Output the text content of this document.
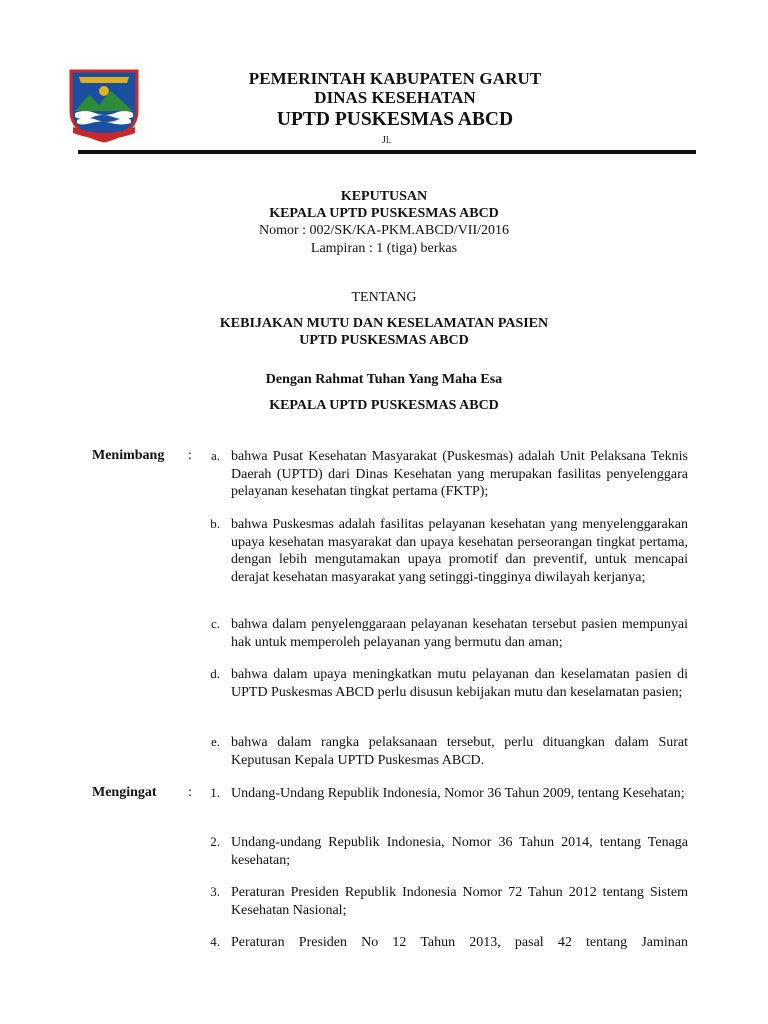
PEMERINTAH KABUPATEN GARUT
DINAS KESEHATAN
UPTD PUSKESMAS ABCD
Jl.
KEPUTUSAN
KEPALA UPTD PUSKESMAS ABCD
Nomor : 002/SK/KA-PKM.ABCD/VII/2016
Lampiran : 1 (tiga) berkas
TENTANG
KEBIJAKAN MUTU DAN KESELAMATAN PASIEN
UPTD PUSKESMAS ABCD
Dengan Rahmat Tuhan Yang Maha Esa
KEPALA UPTD PUSKESMAS ABCD
Menimbang :	a. bahwa Pusat Kesehatan Masyarakat (Puskesmas) adalah Unit Pelaksana Teknis Daerah (UPTD) dari Dinas Kesehatan yang merupakan fasilitas penyelenggara pelayanan kesehatan tingkat pertama (FKTP);
b. bahwa Puskesmas adalah fasilitas pelayanan kesehatan yang menyelenggarakan upaya kesehatan masyarakat dan upaya kesehatan perseorangan tingkat pertama, dengan lebih mengutamakan upaya promotif dan preventif, untuk mencapai derajat kesehatan masyarakat yang setinggi-tingginya diwilayah kerjanya;
c. bahwa dalam penyelenggaraan pelayanan kesehatan tersebut pasien mempunyai hak untuk memperoleh pelayanan yang bermutu dan aman;
d. bahwa dalam upaya meningkatkan mutu pelayanan dan keselamatan pasien di UPTD Puskesmas ABCD perlu disusun kebijakan mutu dan keselamatan pasien;
e. bahwa dalam rangka pelaksanaan tersebut, perlu dituangkan dalam Surat Keputusan Kepala UPTD Puskesmas ABCD.
Mengingat :	1. Undang-Undang Republik Indonesia, Nomor 36 Tahun 2009, tentang Kesehatan;
2. Undang-undang Republik Indonesia, Nomor 36 Tahun 2014, tentang Tenaga kesehatan;
3. Peraturan Presiden Republik Indonesia Nomor 72 Tahun 2012 tentang Sistem Kesehatan Nasional;
4. Peraturan Presiden No 12 Tahun 2013, pasal 42 tentang Jaminan
